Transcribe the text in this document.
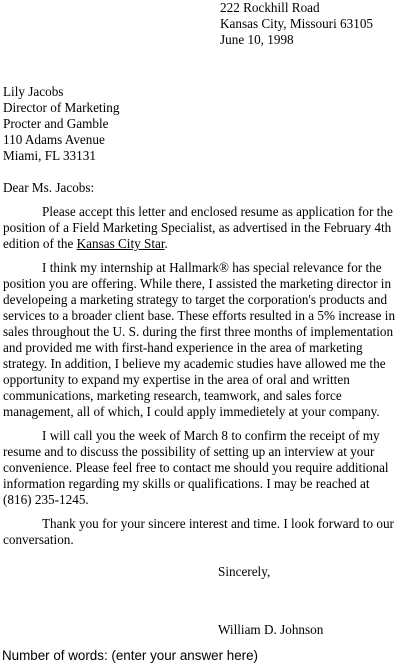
222 Rockhill Road
Kansas City, Missouri 63105
June 10, 1998
Lily Jacobs
Director of Marketing
Procter and Gamble
110 Adams Avenue
Miami, FL 33131
Dear Ms. Jacobs:

Please accept this letter and enclosed resume as application for the position of a Field Marketing Specialist, as advertised in the February 4th edition of the Kansas City Star.

I think my internship at Hallmark® has special relevance for the position you are offering. While there, I assisted the marketing director in developeing a marketing strategy to target the corporation's products and services to a broader client base. These efforts resulted in a 5% increase in sales throughout the U. S. during the first three months of implementation and provided me with first-hand experience in the area of marketing strategy. In addition, I believe my academic studies have allowed me the opportunity to expand my expertise in the area of oral and written communications, marketing research, teamwork, and sales force management, all of which, I could apply immedietely at your company.

I will call you the week of March 8 to confirm the receipt of my resume and to discuss the possibility of setting up an interview at your convenience. Please feel free to contact me should you require additional information regarding my skills or qualifications. I may be reached at (816) 235-1245.

Thank you for your sincere interest and time. I look forward to our conversation.

Sincerely,
William D. Johnson
Number of words: (enter your answer here)
